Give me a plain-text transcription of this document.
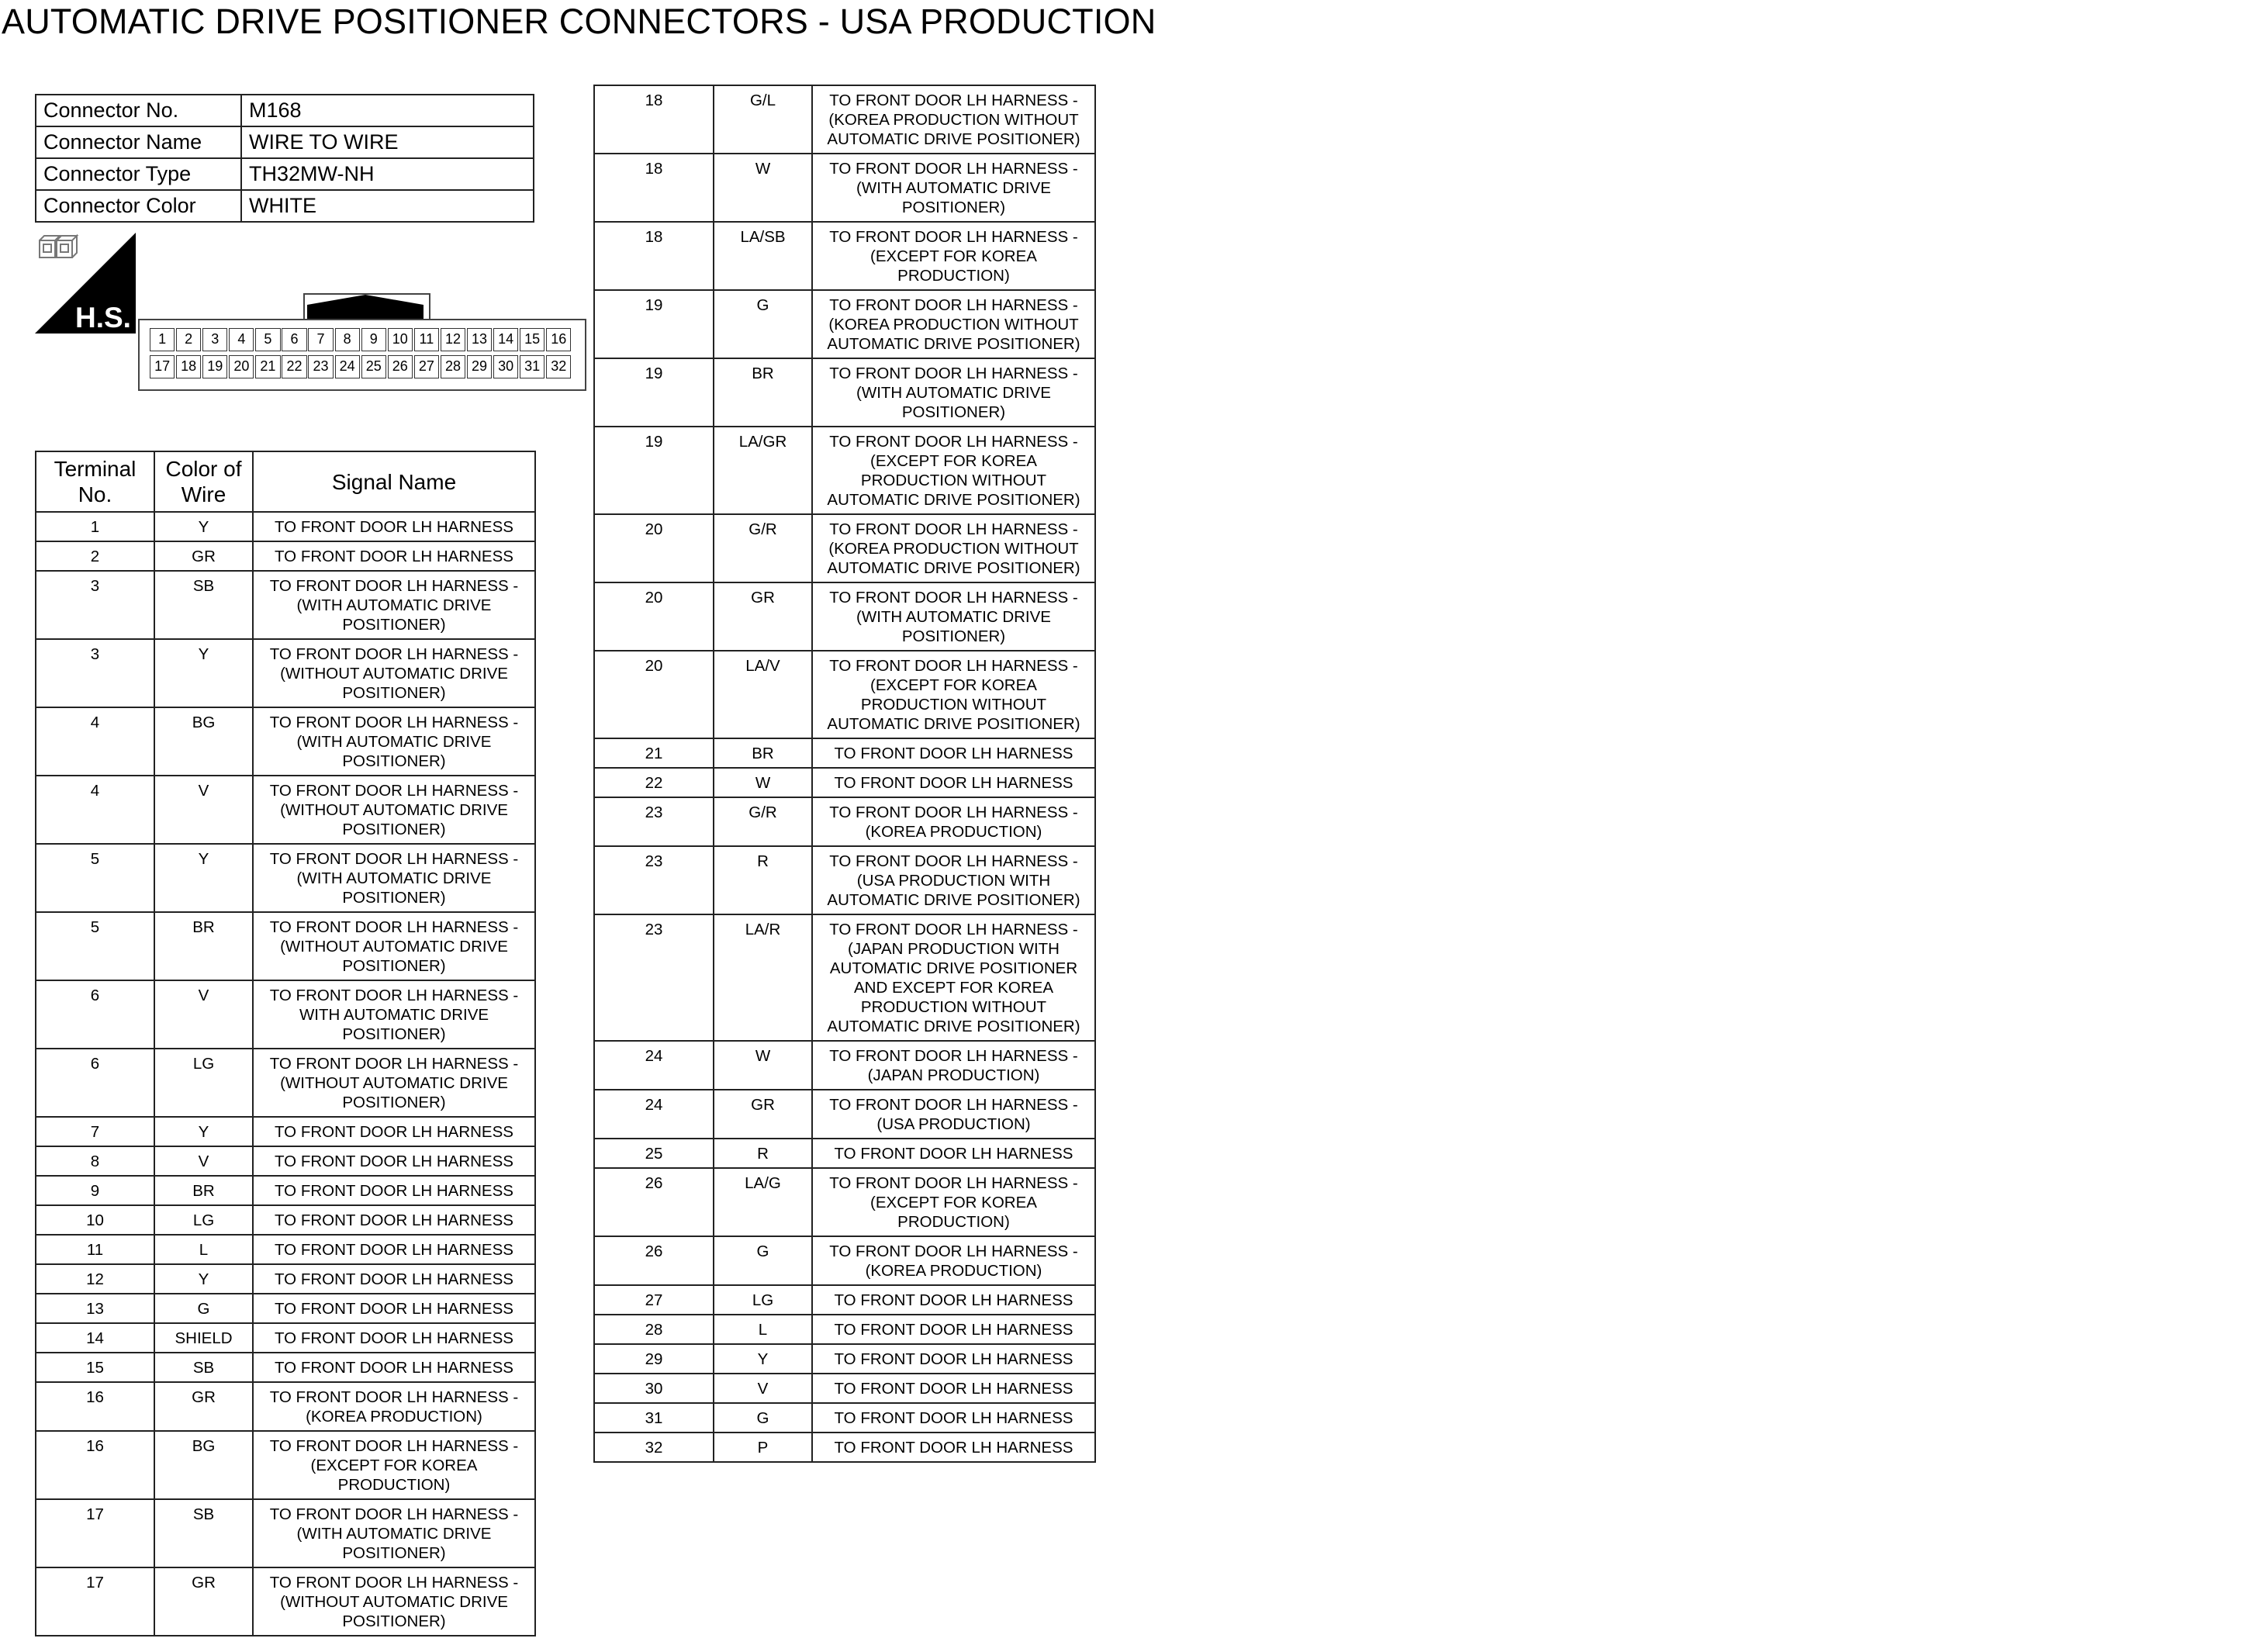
AUTOMATIC DRIVE POSITIONER CONNECTORS - USA PRODUCTION
Connector No.	M168
Connector Name	WIRE TO WIRE
Connector Type	TH32MW-NH
Connector Color	WHITE
H.S.
1	2	3	4	5	6	7	8	9	10 11 12 13 14 15 16
17 18 19 20 21 22 23 24 25 26 27 28 29 30 31 32
Terminal No.	Color of Wire	Signal Name
1	Y	TO FRONT DOOR LH HARNESS
2	GR	TO FRONT DOOR LH HARNESS
3	SB	TO FRONT DOOR LH HARNESS - (WITH AUTOMATIC DRIVE POSITIONER)
3	Y	TO FRONT DOOR LH HARNESS - (WITHOUT AUTOMATIC DRIVE POSITIONER)
4	BG	TO FRONT DOOR LH HARNESS - (WITH AUTOMATIC DRIVE POSITIONER)
4	V	TO FRONT DOOR LH HARNESS - (WITHOUT AUTOMATIC DRIVE POSITIONER)
5	Y	TO FRONT DOOR LH HARNESS - (WITH AUTOMATIC DRIVE POSITIONER)
5	BR	TO FRONT DOOR LH HARNESS - (WITHOUT AUTOMATIC DRIVE POSITIONER)
6	V	TO FRONT DOOR LH HARNESS - WITH AUTOMATIC DRIVE POSITIONER)
6	LG	TO FRONT DOOR LH HARNESS - (WITHOUT AUTOMATIC DRIVE POSITIONER)
7	Y	TO FRONT DOOR LH HARNESS
8	V	TO FRONT DOOR LH HARNESS
9	BR	TO FRONT DOOR LH HARNESS
10	LG	TO FRONT DOOR LH HARNESS
11	L	TO FRONT DOOR LH HARNESS
12	Y	TO FRONT DOOR LH HARNESS
13	G	TO FRONT DOOR LH HARNESS
14	SHIELD	TO FRONT DOOR LH HARNESS
15	SB	TO FRONT DOOR LH HARNESS
16	GR	TO FRONT DOOR LH HARNESS - (KOREA PRODUCTION)
16	BG	TO FRONT DOOR LH HARNESS - (EXCEPT FOR KOREA PRODUCTION)
17	SB	TO FRONT DOOR LH HARNESS - (WITH AUTOMATIC DRIVE POSITIONER)
17	GR	TO FRONT DOOR LH HARNESS - (WITHOUT AUTOMATIC DRIVE POSITIONER)
18	G/L	TO FRONT DOOR LH HARNESS - (KOREA PRODUCTION WITHOUT AUTOMATIC DRIVE POSITIONER)
18	W	TO FRONT DOOR LH HARNESS - (WITH AUTOMATIC DRIVE POSITIONER)
18	LA/SB	TO FRONT DOOR LH HARNESS - (EXCEPT FOR KOREA PRODUCTION)
19	G	TO FRONT DOOR LH HARNESS - (KOREA PRODUCTION WITHOUT AUTOMATIC DRIVE POSITIONER)
19	BR	TO FRONT DOOR LH HARNESS - (WITH AUTOMATIC DRIVE POSITIONER)
19	LA/GR	TO FRONT DOOR LH HARNESS - (EXCEPT FOR KOREA PRODUCTION WITHOUT AUTOMATIC DRIVE POSITIONER)
20	G/R	TO FRONT DOOR LH HARNESS - (KOREA PRODUCTION WITHOUT AUTOMATIC DRIVE POSITIONER)
20	GR	TO FRONT DOOR LH HARNESS - (WITH AUTOMATIC DRIVE POSITIONER)
20	LA/V	TO FRONT DOOR LH HARNESS - (EXCEPT FOR KOREA PRODUCTION WITHOUT AUTOMATIC DRIVE POSITIONER)
21	BR	TO FRONT DOOR LH HARNESS
22	W	TO FRONT DOOR LH HARNESS
23	G/R	TO FRONT DOOR LH HARNESS - (KOREA PRODUCTION)
23	R	TO FRONT DOOR LH HARNESS - (USA PRODUCTION WITH AUTOMATIC DRIVE POSITIONER)
23	LA/R	TO FRONT DOOR LH HARNESS - (JAPAN PRODUCTION WITH AUTOMATIC DRIVE POSITIONER AND EXCEPT FOR KOREA PRODUCTION WITHOUT AUTOMATIC DRIVE POSITIONER)
24	W	TO FRONT DOOR LH HARNESS - (JAPAN PRODUCTION)
24	GR	TO FRONT DOOR LH HARNESS - (USA PRODUCTION)
25	R	TO FRONT DOOR LH HARNESS
26	LA/G	TO FRONT DOOR LH HARNESS - (EXCEPT FOR KOREA PRODUCTION)
26	G	TO FRONT DOOR LH HARNESS - (KOREA PRODUCTION)
27	LG	TO FRONT DOOR LH HARNESS
28	L	TO FRONT DOOR LH HARNESS
29	Y	TO FRONT DOOR LH HARNESS
30	V	TO FRONT DOOR LH HARNESS
31	G	TO FRONT DOOR LH HARNESS
32	P	TO FRONT DOOR LH HARNESS
